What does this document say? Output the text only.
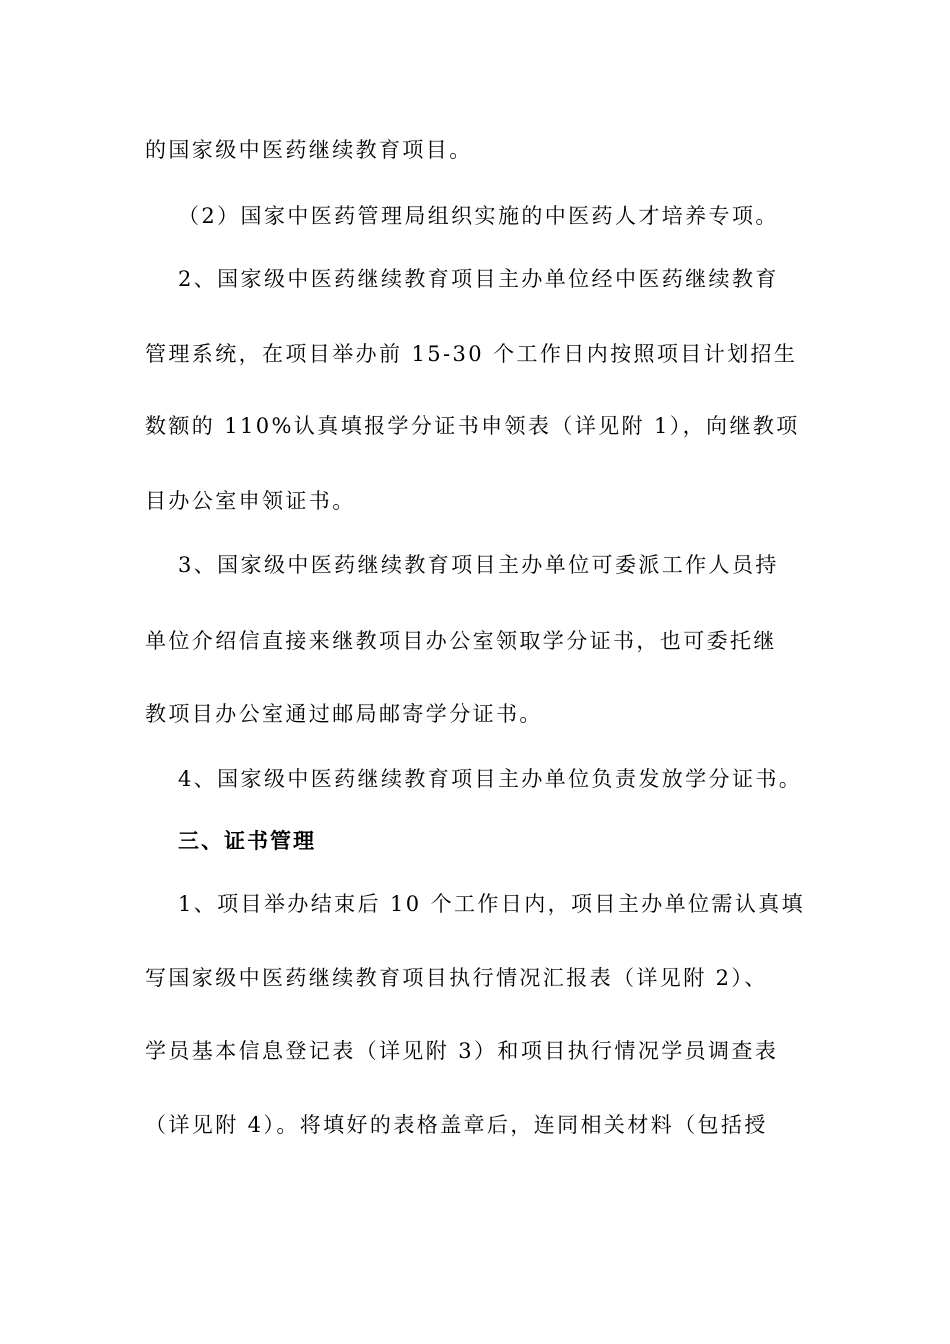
的国家级中医药继续教育项目。
（2）国家中医药管理局组织实施的中医药人才培养专项。
2、国家级中医药继续教育项目主办单位经中医药继续教育
管理系统，在项目举办前 15-30 个工作日内按照项目计划招生
数额的 110%认真填报学分证书申领表（详见附 1），向继教项
目办公室申领证书。
3、国家级中医药继续教育项目主办单位可委派工作人员持
单位介绍信直接来继教项目办公室领取学分证书，也可委托继
教项目办公室通过邮局邮寄学分证书。
4、国家级中医药继续教育项目主办单位负责发放学分证书。
三、证书管理
1、项目举办结束后 10 个工作日内，项目主办单位需认真填
写国家级中医药继续教育项目执行情况汇报表（详见附 2）、
学员基本信息登记表（详见附 3）和项目执行情况学员调查表
（详见附 4）。将填好的表格盖章后，连同相关材料（包括授
